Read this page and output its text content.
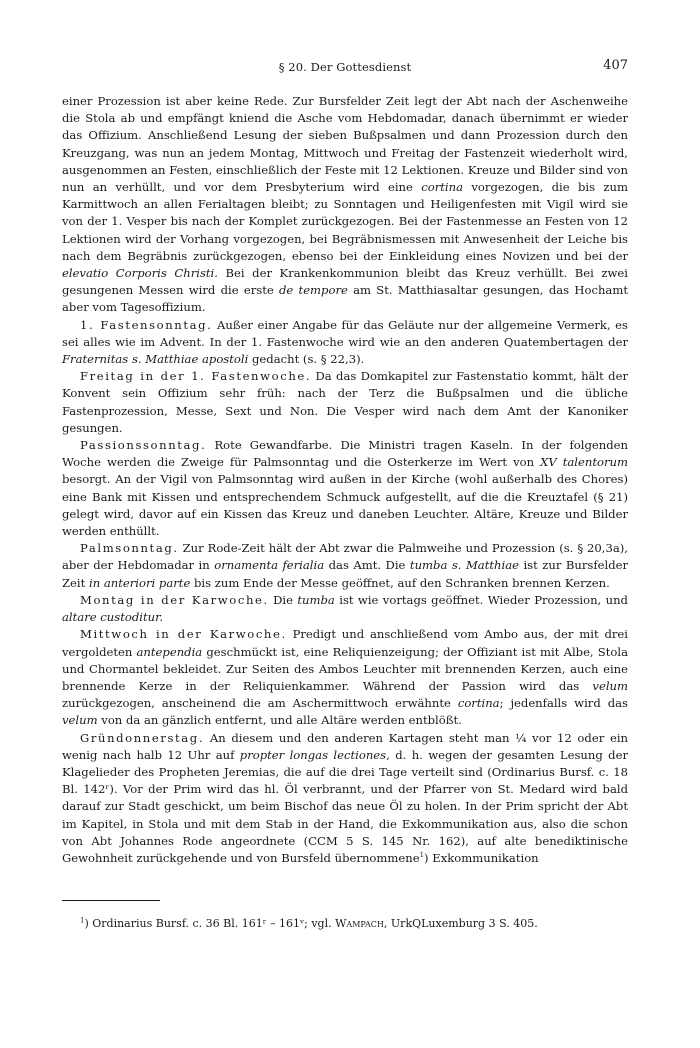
§ 20. Der Gottesdienst	407

einer Prozession ist aber keine Rede. Zur Bursfelder Zeit legt der Abt nach der Aschenweihe die Stola ab und empfängt kniend die Asche vom Hebdomadar, danach übernimmt er wieder das Offizium. Anschließend Lesung der sieben Bußpsalmen und dann Prozession durch den Kreuzgang, was nun an jedem Montag, Mittwoch und Freitag der Fastenzeit wiederholt wird, ausgenommen an Festen, einschließlich der Feste mit 12 Lektionen. Kreuze und Bilder sind von nun an verhüllt, und vor dem Presbyterium wird eine cortina vorgezogen, die bis zum Karmittwoch an allen Ferialtagen bleibt; zu Sonntagen und Heiligenfesten mit Vigil wird sie von der 1. Vesper bis nach der Komplet zurückgezogen. Bei der Fastenmesse an Festen von 12 Lektionen wird der Vorhang vorgezogen, bei Begräbnismessen mit Anwesenheit der Leiche bis nach dem Begräbnis zurückgezogen, ebenso bei der Einkleidung eines Novizen und bei der elevatio Corporis Christi. Bei der Krankenkommunion bleibt das Kreuz verhüllt. Bei zwei gesungenen Messen wird die erste de tempore am St. Matthiasaltar gesungen, das Hochamt aber vom Tagesoffizium.

1. Fastensonntag. Außer einer Angabe für das Geläute nur der allgemeine Vermerk, es sei alles wie im Advent. In der 1. Fastenwoche wird wie an den anderen Quatembertagen der Fraternitas s. Matthiae apostoli gedacht (s. § 22,3).

Freitag in der 1. Fastenwoche. Da das Domkapitel zur Fastenstatio kommt, hält der Konvent sein Offizium sehr früh: nach der Terz die Bußpsalmen und die übliche Fastenprozession, Messe, Sext und Non. Die Vesper wird nach dem Amt der Kanoniker gesungen.

Passionssonntag. Rote Gewandfarbe. Die Ministri tragen Kaseln. In der folgenden Woche werden die Zweige für Palmsonntag und die Osterkerze im Wert von XV talentorum besorgt. An der Vigil von Palmsonntag wird außen in der Kirche (wohl außerhalb des Chores) eine Bank mit Kissen und entsprechendem Schmuck aufgestellt, auf die die Kreuztafel (§ 21) gelegt wird, davor auf ein Kissen das Kreuz und daneben Leuchter. Altäre, Kreuze und Bilder werden enthüllt.

Palmsonntag. Zur Rode-Zeit hält der Abt zwar die Palmweihe und Prozession (s. § 20,3a), aber der Hebdomadar in ornamenta ferialia das Amt. Die tumba s. Matthiae ist zur Bursfelder Zeit in anteriori parte bis zum Ende der Messe geöffnet, auf den Schranken brennen Kerzen.

Montag in der Karwoche. Die tumba ist wie vortags geöffnet. Wieder Prozession, und altare custoditur.

Mittwoch in der Karwoche. Predigt und anschließend vom Ambo aus, der mit drei vergoldeten antependia geschmückt ist, eine Reliquienzeigung; der Offiziant ist mit Albe, Stola und Chormantel bekleidet. Zur Seiten des Ambos Leuchter mit brennenden Kerzen, auch eine brennende Kerze in der Reliquienkammer. Während der Passion wird das velum zurückgezogen, anscheinend die am Aschermittwoch erwähnte cortina; jedenfalls wird das velum von da an gänzlich entfernt, und alle Altäre werden entblößt.

Gründonnerstag. An diesem und den anderen Kartagen steht man ¼ vor 12 oder ein wenig nach halb 12 Uhr auf propter longas lectiones, d. h. wegen der gesamten Lesung der Klagelieder des Propheten Jeremias, die auf die drei Tage verteilt sind (Ordinarius Bursf. c. 18 Bl. 142ʳ). Vor der Prim wird das hl. Öl verbrannt, und der Pfarrer von St. Medard wird bald darauf zur Stadt geschickt, um beim Bischof das neue Öl zu holen. In der Prim spricht der Abt im Kapitel, in Stola und mit dem Stab in der Hand, die Exkommunikation aus, also die schon von Abt Johannes Rode angeordnete (CCM 5 S. 145 Nr. 162), auf alte benediktinische Gewohnheit zurückgehende und von Bursfeld übernommene$^1$) Exkommunikation

$^1$) Ordinarius Bursf. c. 36 Bl. 161ʳ – 161ᵛ; vgl. Wampach, UrkQLuxemburg 3 S. 405.
